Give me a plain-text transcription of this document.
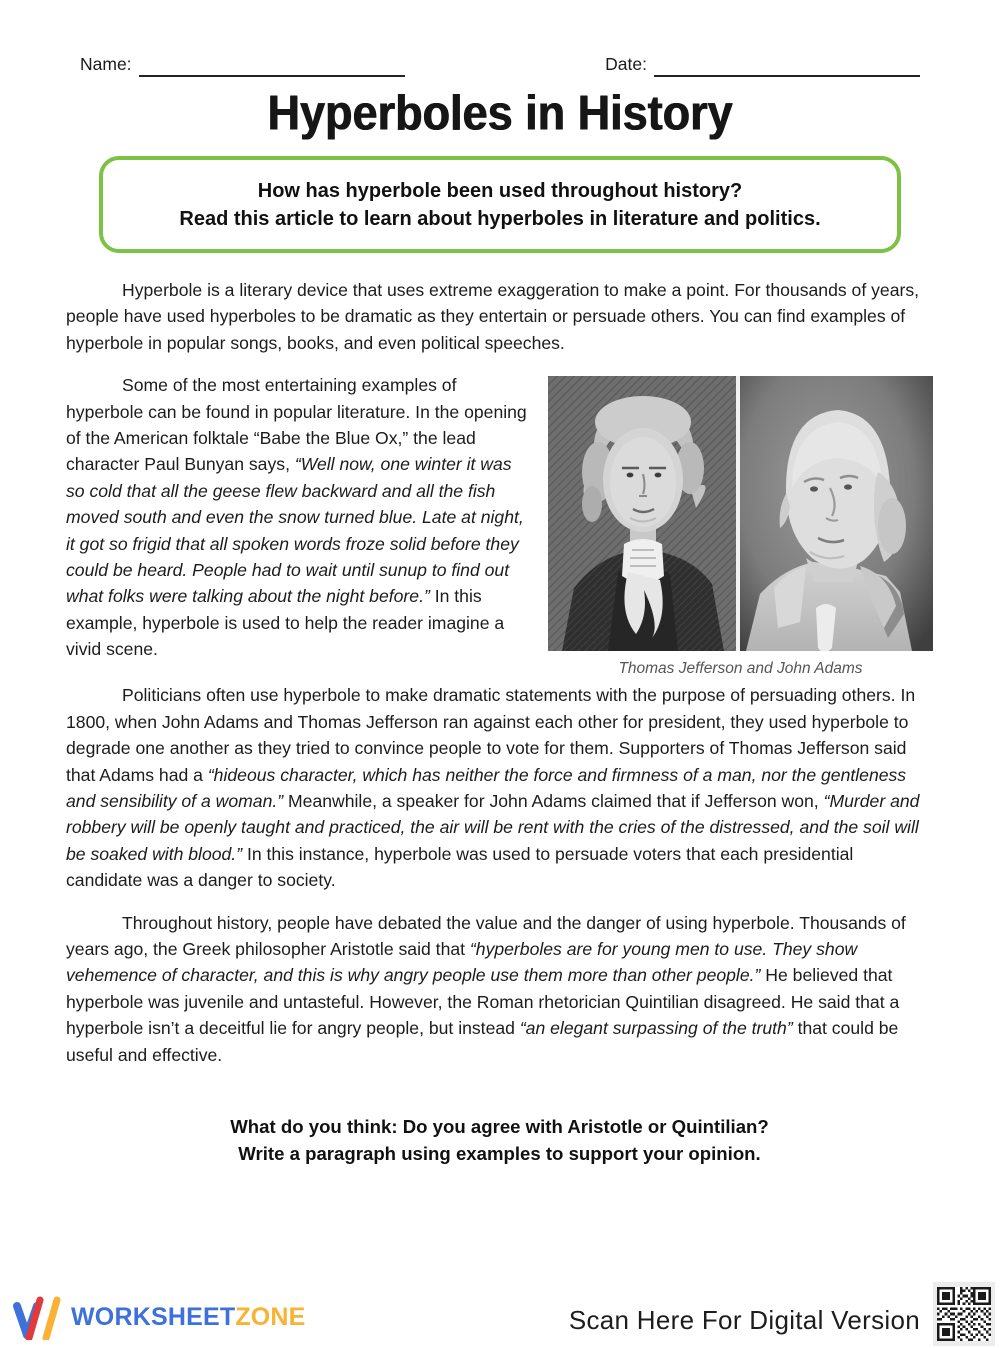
Name:	Date:
Hyperboles in History
How has hyperbole been used throughout history?
Read this article to learn about hyperboles in literature and politics.

Hyperbole is a literary device that uses extreme exaggeration to make a point. For thousands of years, people have used hyperboles to be dramatic as they entertain or persuade others. You can find examples of hyperbole in popular songs, books, and even political speeches.

Thomas Jefferson and John Adams

Some of the most entertaining examples of hyperbole can be found in popular literature. In the opening of the American folktale “Babe the Blue Ox,” the lead character Paul Bunyan says, “Well now, one winter it was so cold that all the geese flew backward and all the fish moved south and even the snow turned blue. Late at night, it got so frigid that all spoken words froze solid before they could be heard. People had to wait until sunup to find out what folks were talking about the night before.” In this example, hyperbole is used to help the reader imagine a vivid scene.

Politicians often use hyperbole to make dramatic statements with the purpose of persuading others. In 1800, when John Adams and Thomas Jefferson ran against each other for president, they used hyperbole to degrade one another as they tried to convince people to vote for them. Supporters of Thomas Jefferson said that Adams had a “hideous character, which has neither the force and firmness of a man, nor the gentleness and sensibility of a woman.” Meanwhile, a speaker for John Adams claimed that if Jefferson won, “Murder and robbery will be openly taught and practiced, the air will be rent with the cries of the distressed, and the soil will be soaked with blood.” In this instance, hyperbole was used to persuade voters that each presidential candidate was a danger to society.

Throughout history, people have debated the value and the danger of using hyperbole. Thousands of years ago, the Greek philosopher Aristotle said that “hyperboles are for young men to use. They show vehemence of character, and this is why angry people use them more than other people.” He believed that hyperbole was juvenile and untasteful. However, the Roman rhetorician Quintilian disagreed. He said that a hyperbole isn’t a deceitful lie for angry people, but instead “an elegant surpassing of the truth” that could be useful and effective.

What do you think: Do you agree with Aristotle or Quintilian?
Write a paragraph using examples to support your opinion.
WORKSHEETZONE	Scan Here For Digital Version
